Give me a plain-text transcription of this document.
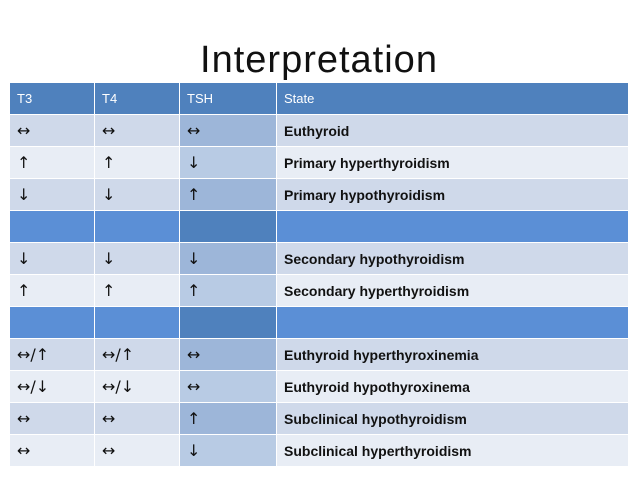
Interpretation
T3	T4	TSH	State
↔	↔	↔	Euthyroid
↑	↑	↓	Primary hyperthyroidism
↓	↓	↑	Primary hypothyroidism

↓	↓	↓	Secondary hypothyroidism
↑	↑	↑	Secondary hyperthyroidism

↔/↑	↔/↑	↔	Euthyroid hyperthyroxinemia
↔/↓	↔/↓	↔	Euthyroid hypothyroxinema
↔	↔	↑	Subclinical hypothyroidism
↔	↔	↓	Subclinical hyperthyroidism
